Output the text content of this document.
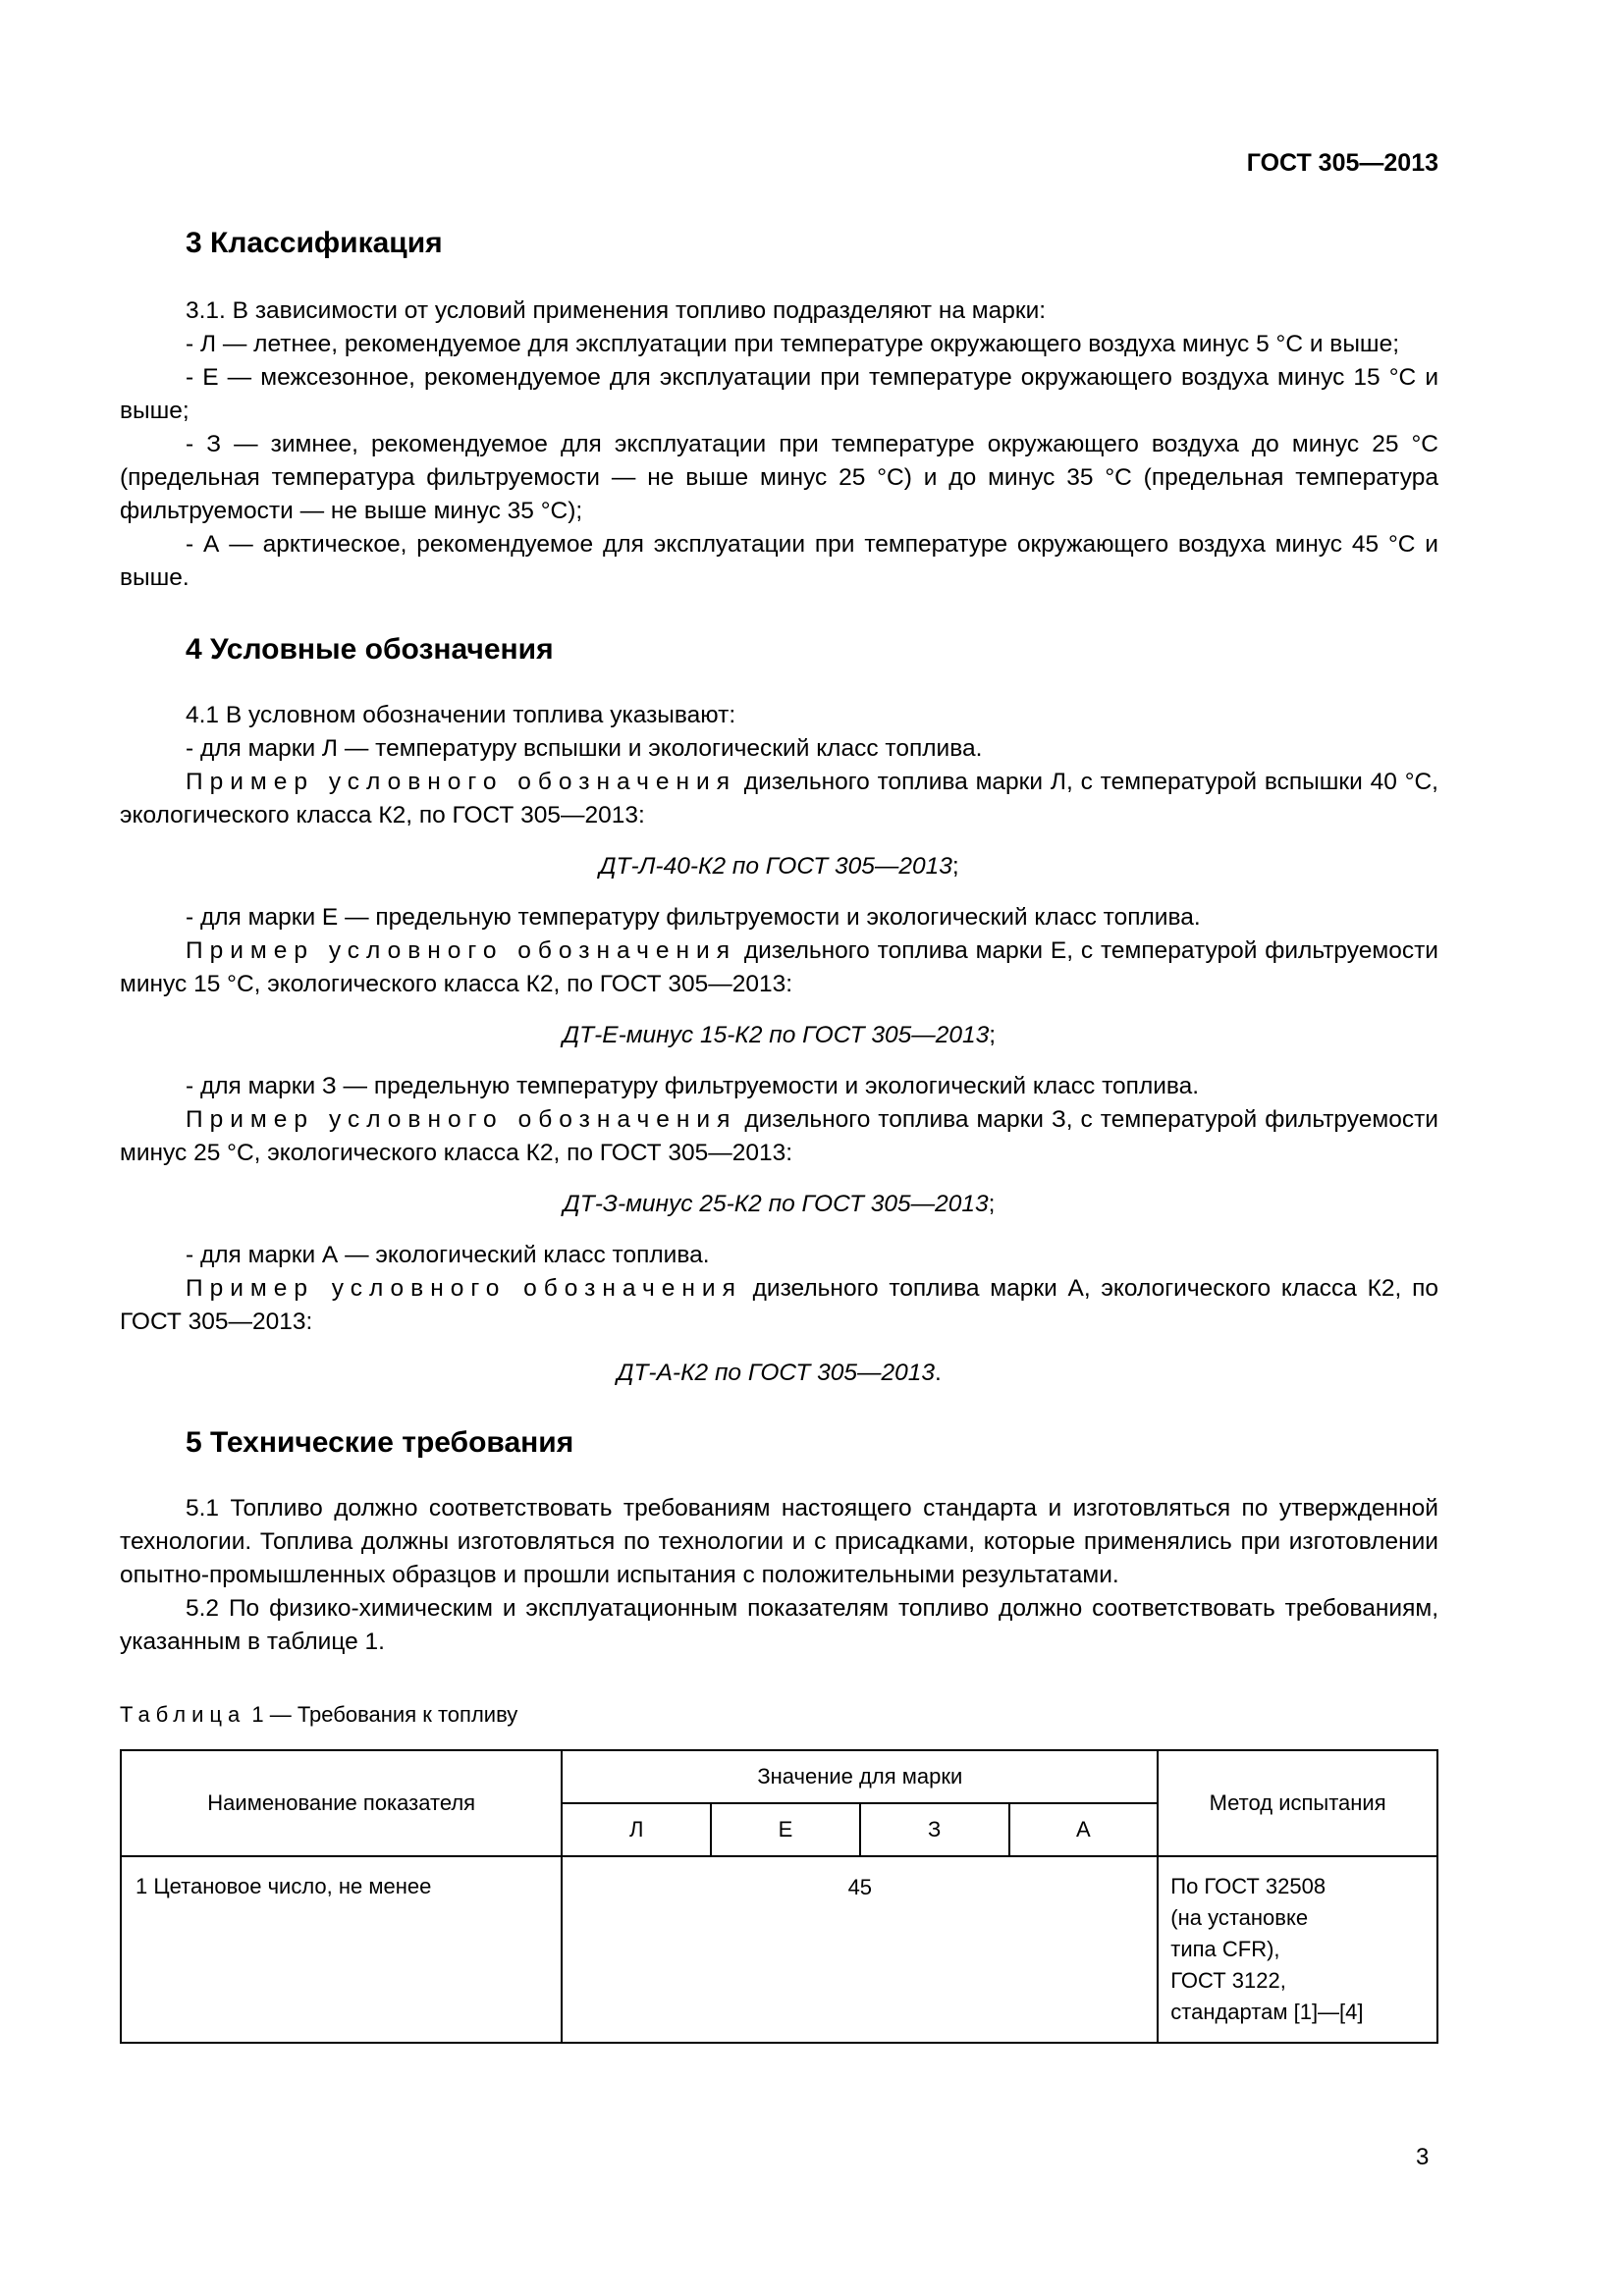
ГОСТ 305—2013
3 Классификация

3.1. В зависимости от условий применения топливо подразделяют на марки:

- Л — летнее, рекомендуемое для эксплуатации при температуре окружающего воздуха минус 5 °С и выше;

- Е — межсезонное, рекомендуемое для эксплуатации при температуре окружающего воздуха минус 15 °С и выше;

- З — зимнее, рекомендуемое для эксплуатации при температуре окружающего воздуха до минус 25 °С (предельная температура фильтруемости — не выше минус 25 °С) и до минус 35 °С (предельная температура фильтруемости — не выше минус 35 °С);

- А — арктическое, рекомендуемое для эксплуатации при температуре окружающего воздуха минус 45 °С и выше.

4 Условные обозначения

4.1 В условном обозначении топлива указывают:

- для марки Л — температуру вспышки и экологический класс топлива.

Пример условного обозначения дизельного топлива марки Л, с температурой вспышки 40 °С, экологического класса К2, по ГОСТ 305—2013:

ДТ-Л-40-К2 по ГОСТ 305—2013;

- для марки Е — предельную температуру фильтруемости и экологический класс топлива.

Пример условного обозначения дизельного топлива марки Е, с температурой фильтруемости минус 15 °С, экологического класса К2, по ГОСТ 305—2013:

ДТ-Е-минус 15-К2 по ГОСТ 305—2013;

- для марки З — предельную температуру фильтруемости и экологический класс топлива.

Пример условного обозначения дизельного топлива марки З, с температурой фильтруемости минус 25 °С, экологического класса К2, по ГОСТ 305—2013:

ДТ-З-минус 25-К2 по ГОСТ 305—2013;

- для марки А — экологический класс топлива.

Пример условного обозначения дизельного топлива марки А, экологического класса К2, по ГОСТ 305—2013:

ДТ-А-К2 по ГОСТ 305—2013.

5 Технические требования

5.1 Топливо должно соответствовать требованиям настоящего стандарта и изготовляться по утвержденной технологии. Топлива должны изготовляться по технологии и с присадками, которые применялись при изготовлении опытно-промышленных образцов и прошли испытания с положительными результатами.

5.2 По физико-химическим и эксплуатационным показателям топливо должно соответствовать требованиям, указанным в таблице 1.

Таблица 1 — Требования к топливу
Наименование показателя	Значение для марки				Метод испытания
	Л	Е	З	А	
1 Цетановое число, не менее	45				По ГОСТ 32508
(на установке
типа CFR),
ГОСТ 3122,
стандартам [1]—[4]
3
